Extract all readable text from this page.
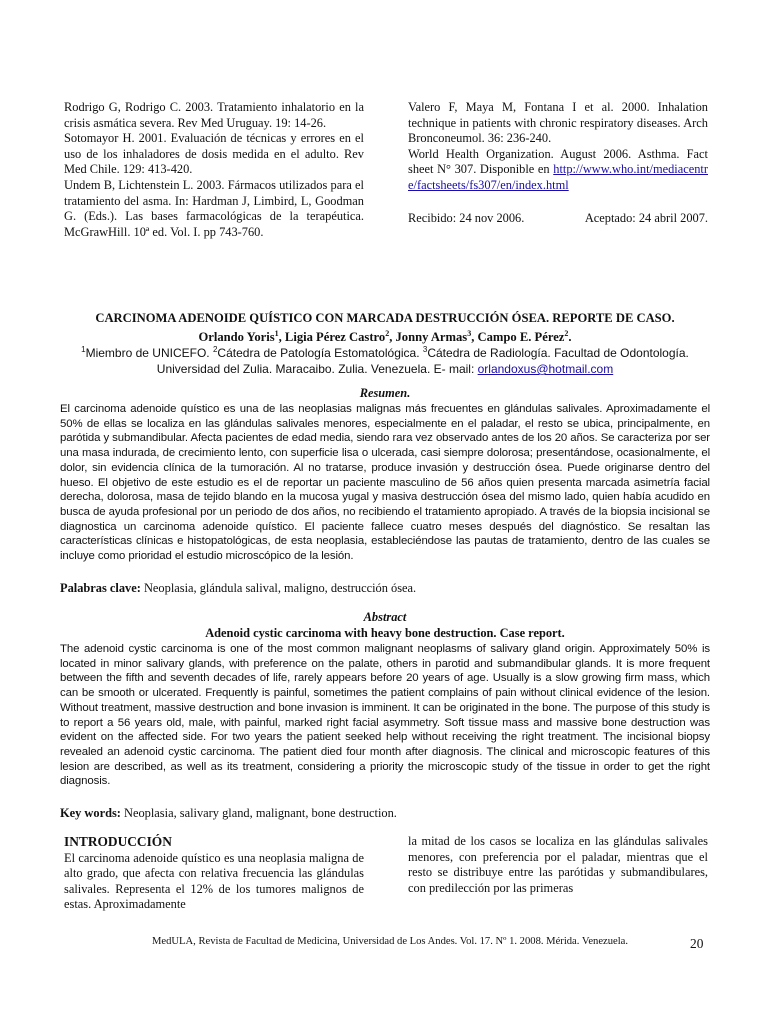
Rodrigo G, Rodrigo C. 2003. Tratamiento inhalatorio en la crisis asmática severa. Rev Med Uruguay. 19: 14-26.

Sotomayor H. 2001. Evaluación de técnicas y errores en el uso de los inhaladores de dosis medida en el adulto. Rev Med Chile. 129: 413-420.

Undem B, Lichtenstein L. 2003. Fármacos utilizados para el tratamiento del asma. In: Hardman J, Limbird, L, Goodman G. (Eds.). Las bases farmacológicas de la terapéutica. McGrawHill. 10ª ed. Vol. I. pp 743-760.

Valero F, Maya M, Fontana I et al. 2000. Inhalation technique in patients with chronic respiratory diseases. Arch Bronconeumol. 36: 236-240.

World Health Organization. August 2006. Asthma. Fact sheet N° 307. Disponible en http://www.who.int/mediacentre/factsheets/fs307/en/index.html

Recibido: 24 nov 2006.	Aceptado: 24 abril 2007.

CARCINOMA ADENOIDE QUÍSTICO CON MARCADA DESTRUCCIÓN ÓSEA. REPORTE DE CASO.
Orlando Yoris$^1$, Ligia Pérez Castro$^2$, Jonny Armas$^3$, Campo E. Pérez$^2$.
$^1$Miembro de UNICEFO. $^2$Cátedra de Patología Estomatológica. $^3$Cátedra de Radiología. Facultad de Odontología.
Universidad del Zulia. Maracaibo. Zulia. Venezuela. E- mail: orlandoxus@hotmail.com
Resumen.
El carcinoma adenoide quístico es una de las neoplasias malignas más frecuentes en glándulas salivales. Aproximadamente el 50% de ellas se localiza en las glándulas salivales menores, especialmente en el paladar, el resto se ubica, principalmente, en parótida y submandibular. Afecta pacientes de edad media, siendo rara vez observado antes de los 20 años. Se caracteriza por ser una masa indurada, de crecimiento lento, con superficie lisa o ulcerada, casi siempre dolorosa; presentándose, ocasionalmente, el dolor, sin evidencia clínica de la tumoración. Al no tratarse, produce invasión y destrucción ósea. Puede originarse dentro del hueso. El objetivo de este estudio es el de reportar un paciente masculino de 56 años quien presenta marcada asimetría facial derecha, dolorosa, masa de tejido blando en la mucosa yugal y masiva destrucción ósea del mismo lado, quien había acudido en busca de ayuda profesional por un periodo de dos años, no recibiendo el tratamiento apropiado. A través de la biopsia incisional se diagnostica un carcinoma adenoide quístico. El paciente fallece cuatro meses después del diagnóstico. Se resaltan las características clínicas e histopatológicas, de esta neoplasia, estableciéndose las pautas de tratamiento, dentro de las cuales se incluye como prioridad el estudio microscópico de la lesión.
Palabras clave: Neoplasia, glándula salival, maligno, destrucción ósea.
Abstract
Adenoid cystic carcinoma with heavy bone destruction. Case report.
The adenoid cystic carcinoma is one of the most common malignant neoplasms of salivary gland origin. Approximately 50% is located in minor salivary glands, with preference on the palate, others in parotid and submandibular glands. It is more frequent between the fifth and seventh decades of life, rarely appears before 20 years of age. Usually is a slow growing firm mass, which can be smooth or ulcerated. Frequently is painful, sometimes the patient complains of pain without clinical evidence of the lesion. Without treatment, massive destruction and bone invasion is imminent. It can be originated in the bone. The purpose of this study is to report a 56 years old, male, with painful, marked right facial asymmetry. Soft tissue mass and massive bone destruction was evident on the affected side. For two years the patient seeked help without receiving the right treatment. The incisional biopsy revealed an adenoid cystic carcinoma. The patient died four month after diagnosis. The clinical and microscopic features of this lesion are described, as well as its treatment, considering a priority the microscopic study of the tissue in order to get the right diagnosis.
Key words: Neoplasia, salivary gland, malignant, bone destruction.
INTRODUCCIÓN

El carcinoma adenoide quístico es una neoplasia maligna de alto grado, que afecta con relativa frecuencia las glándulas salivales. Representa el 12% de los tumores malignos de estas. Aproximadamente

la mitad de los casos se localiza en las glándulas salivales menores, con preferencia por el paladar, mientras que el resto se distribuye entre las parótidas y submandibulares, con predilección por las primeras

MedULA, Revista de Facultad de Medicina, Universidad de Los Andes. Vol. 17. Nº 1. 2008. Mérida. Venezuela.	20
